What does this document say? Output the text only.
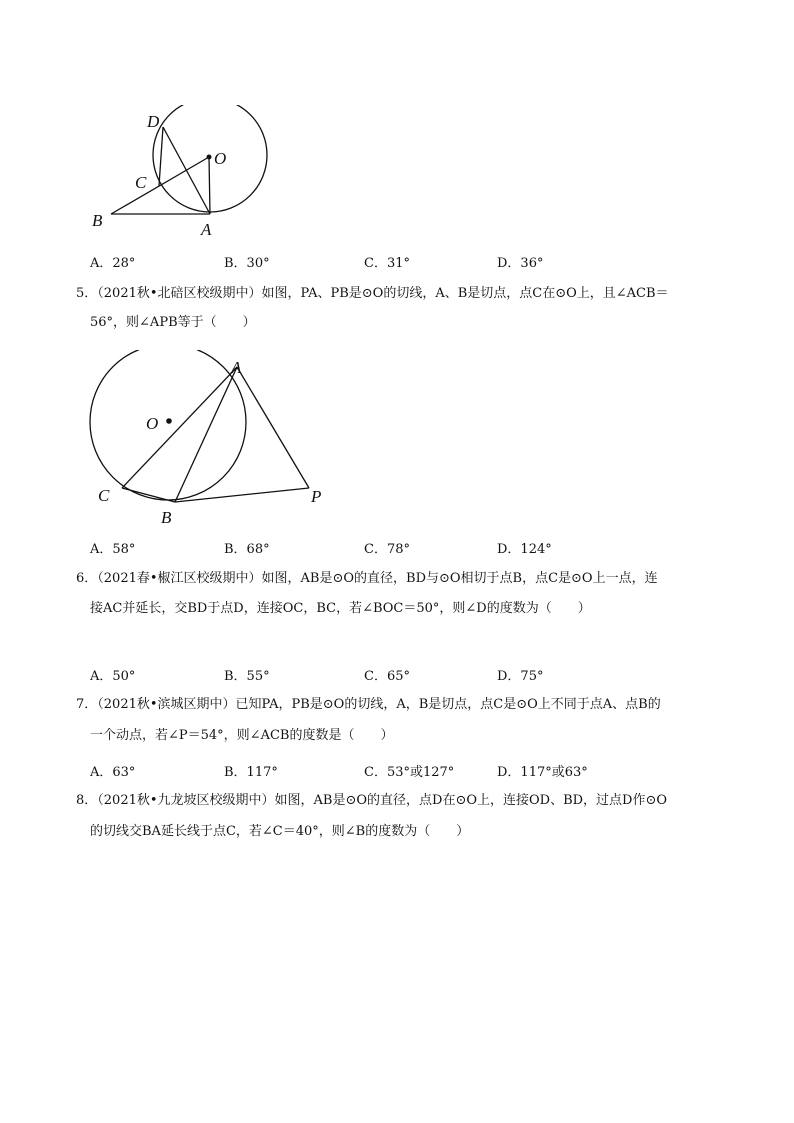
D
O
C
B	A
A．28°	B．30°	C．31°	D．36°
5．（2021秋•北碚区校级期中）如图，PA、PB是⊙O的切线，A、B是切点，点C在⊙O上，且∠ACB＝
56°，则∠APB等于（　　）
A
O
C
B
P
A．58°	B．68°	C．78°	D．124°
6．（2021春•椒江区校级期中）如图，AB是⊙O的直径，BD与⊙O相切于点B，点C是⊙O上一点，连
接AC并延长，交BD于点D，连接OC，BC，若∠BOC＝50°，则∠D的度数为（　　）
A．50°	B．55°	C．65°	D．75°
7．（2021秋•滨城区期中）已知PA，PB是⊙O的切线，A，B是切点，点C是⊙O上不同于点A、点B的
一个动点，若∠P＝54°，则∠ACB的度数是（　　）
A．63°	B．117°	C．53°或127°	D．117°或63°
8．（2021秋•九龙坡区校级期中）如图，AB是⊙O的直径，点D在⊙O上，连接OD、BD，过点D作⊙O
的切线交BA延长线于点C，若∠C＝40°，则∠B的度数为（　　）
